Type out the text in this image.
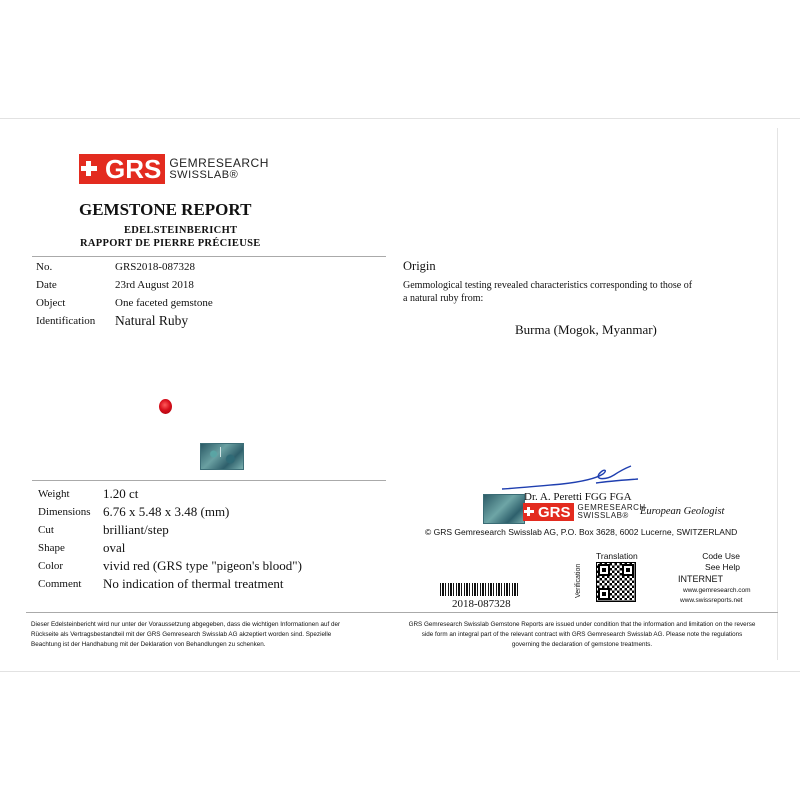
GRS GEMRESEARCH
SWISSLAB®
GEMSTONE REPORT
EDELSTEINBERICHT
RAPPORT DE PIERRE PRÉCIEUSE
No.	GRS2018-087328
Date	23rd August 2018
Object	One faceted gemstone
Identification Natural Ruby
Weight	1.20 ct
Dimensions 6.76 x 5.48 x 3.48 (mm)
Cut	brilliant/step
Shape	oval
Color	vivid red (GRS type "pigeon's blood")
Comment No indication of thermal treatment
Origin
Gemmological testing revealed characteristics corresponding to those of a natural ruby from:
Burma (Mogok, Myanmar)
Dr. A. Peretti FGG FGA
GRS GEMRESEARCH
SWISSLAB®	European Geologist
© GRS Gemresearch Swisslab AG, P.O. Box 3628, 6002 Lucerne, SWITZERLAND
2018-087328
Translation
Verification
Code Use
See Help
INTERNET
www.gemresearch.com
www.swissreports.net
Dieser Edelsteinbericht wird nur unter der Voraussetzung abgegeben, dass die wichtigen Informationen auf der Rückseite als Vertragsbestandteil mit der GRS Gemresearch Swisslab AG akzeptiert worden sind. Spezielle Beachtung ist der Handhabung mit der Deklaration von Behandlungen zu schenken.
GRS Gemresearch Swisslab Gemstone Reports are issued under condition that the information and limitation on the reverse side form an integral part of the relevant contract with GRS Gemresearch Swisslab AG. Please note the regulations governing the declaration of gemstone treatments.
